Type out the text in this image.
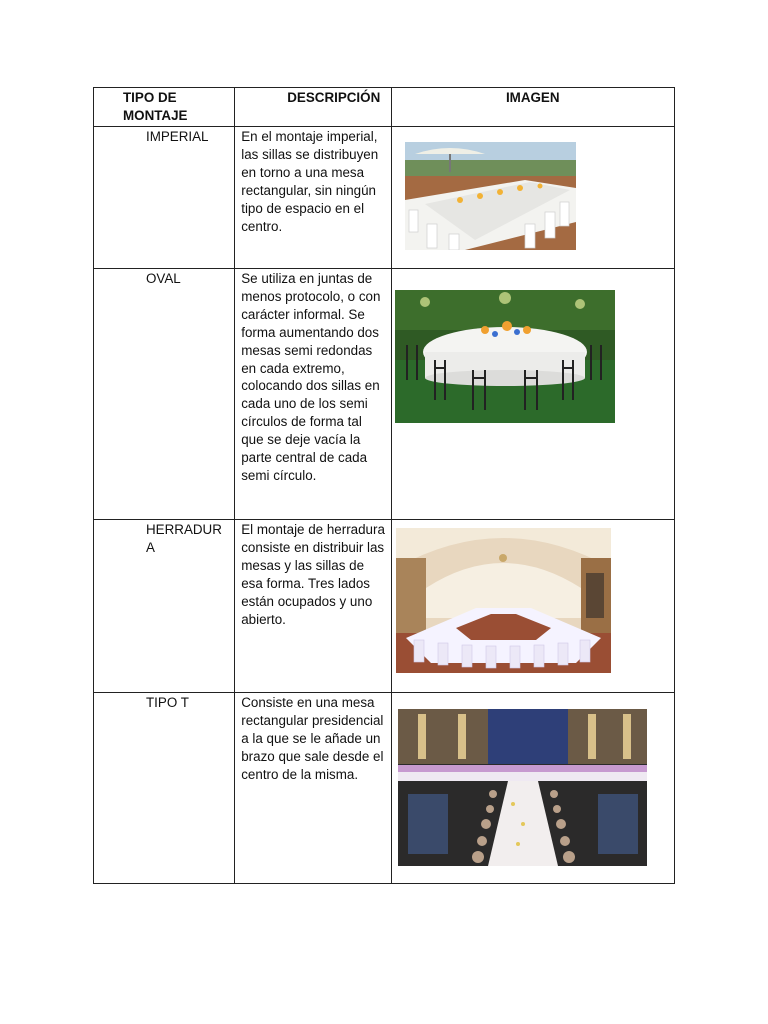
TIPO DE MONTAJE	DESCRIPCIÓN	IMAGEN

IMPERIAL	En el montaje imperial, las sillas se distribuyen en torno a una mesa rectangular, sin ningún tipo de espacio en el centro.

OVAL	Se utiliza en juntas de menos protocolo, o con carácter informal. Se forma aumentando dos mesas semi redondas en cada extremo, colocando dos sillas en cada uno de los semi círculos de forma tal que se deje vacía la parte central de cada semi círculo.

HERRADURA	El montaje de herradura consiste en distribuir las mesas y las sillas de esa forma. Tres lados están ocupados y uno abierto.

TIPO T	Consiste en una mesa rectangular presidencial a la que se le añade un brazo que sale desde el centro de la misma.
